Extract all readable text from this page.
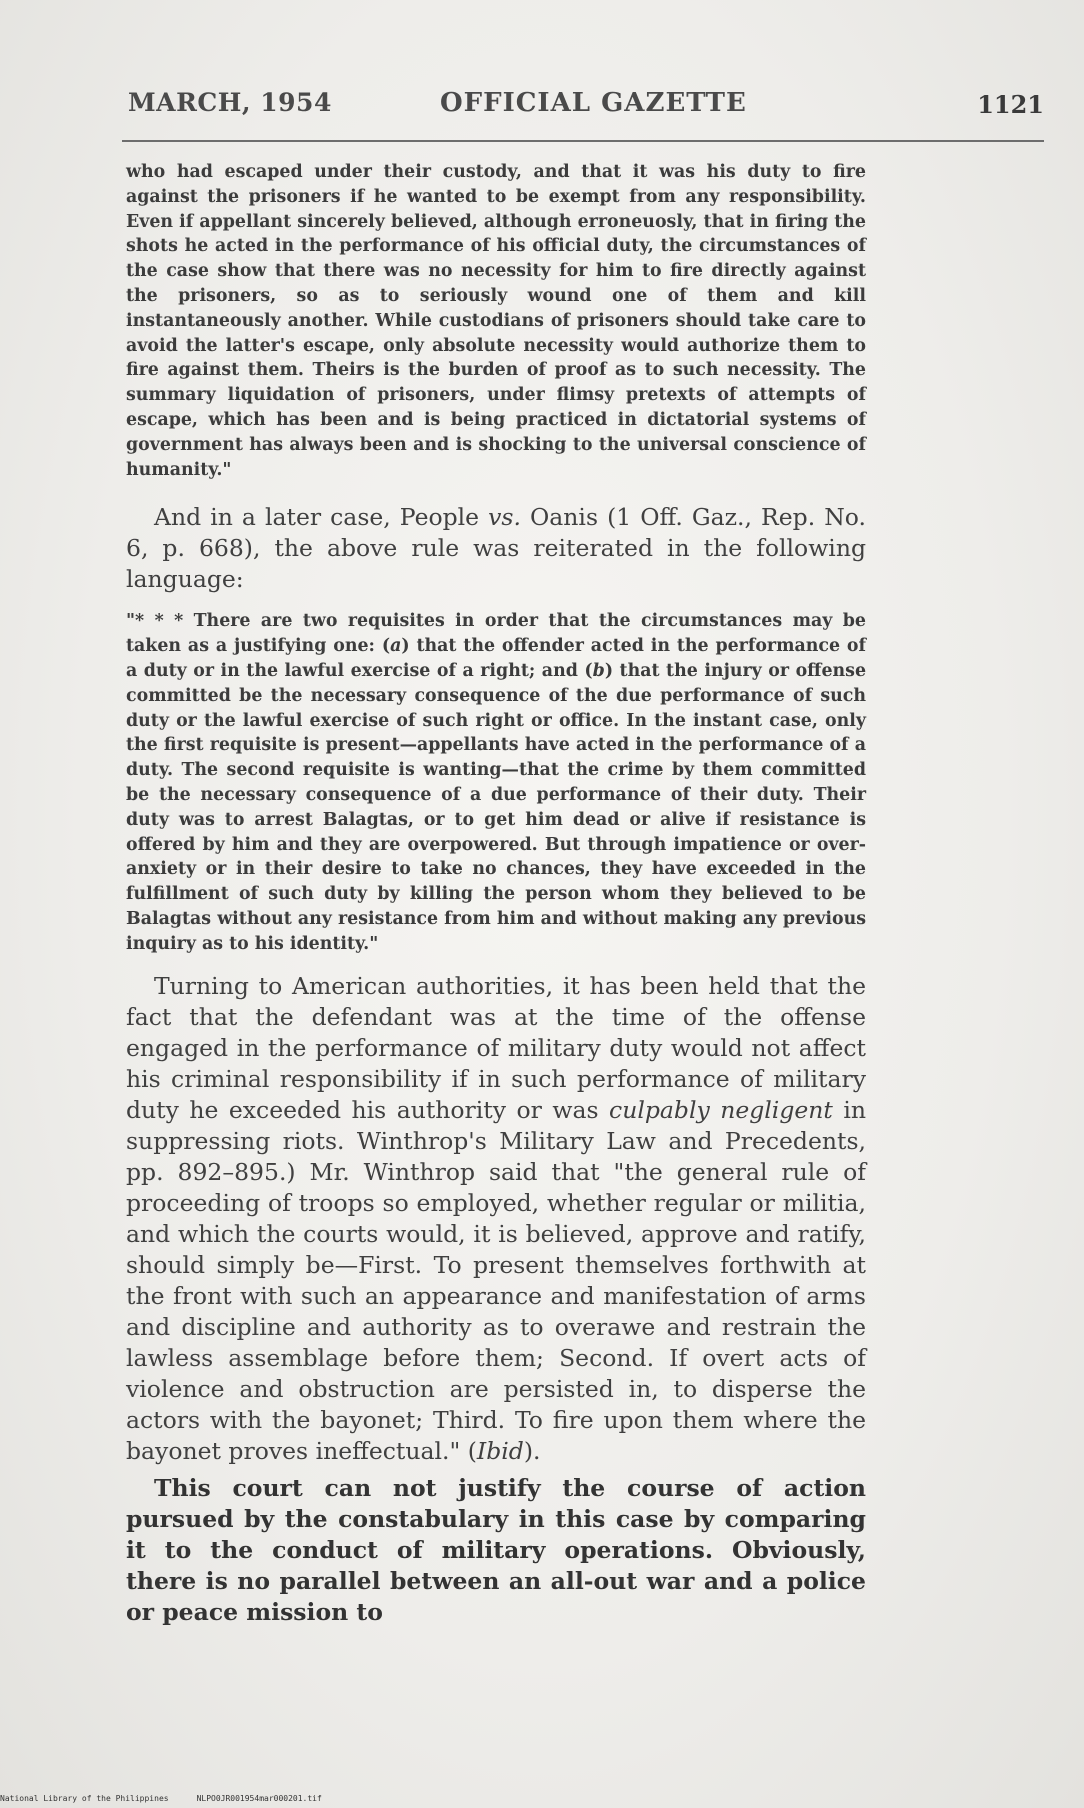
MARCH, 1954	OFFICIAL GAZETTE	1121

who had escaped under their custody, and that it was his duty to fire against the prisoners if he wanted to be exempt from any responsibility. Even if appellant sincerely believed, although erroneuosly, that in firing the shots he acted in the performance of his official duty, the circumstances of the case show that there was no necessity for him to fire directly against the prisoners, so as to seriously wound one of them and kill instantaneously another. While custodians of prisoners should take care to avoid the latter's escape, only absolute necessity would authorize them to fire against them. Theirs is the burden of proof as to such necessity. The summary liquidation of prisoners, under flimsy pretexts of attempts of escape, which has been and is being practiced in dictatorial systems of government has always been and is shocking to the universal conscience of humanity."

And in a later case, People vs. Oanis (1 Off. Gaz., Rep. No. 6, p. 668), the above rule was reiterated in the following language:

"* * * There are two requisites in order that the circumstances may be taken as a justifying one: (a) that the offender acted in the performance of a duty or in the lawful exercise of a right; and (b) that the injury or offense committed be the necessary consequence of the due performance of such duty or the lawful exercise of such right or office. In the instant case, only the first requisite is present—appellants have acted in the performance of a duty. The second requisite is wanting—that the crime by them committed be the necessary consequence of a due performance of their duty. Their duty was to arrest Balagtas, or to get him dead or alive if resistance is offered by him and they are overpowered. But through impatience or over-anxiety or in their desire to take no chances, they have exceeded in the fulfillment of such duty by killing the person whom they believed to be Balagtas without any resistance from him and without making any previous inquiry as to his identity."

Turning to American authorities, it has been held that the fact that the defendant was at the time of the offense engaged in the performance of military duty would not affect his criminal responsibility if in such performance of military duty he exceeded his authority or was culpably negligent in suppressing riots. Winthrop's Military Law and Precedents, pp. 892–895.) Mr. Winthrop said that "the general rule of proceeding of troops so employed, whether regular or militia, and which the courts would, it is believed, approve and ratify, should simply be—First. To present themselves forthwith at the front with such an appearance and manifestation of arms and discipline and authority as to overawe and restrain the lawless assemblage before them; Second. If overt acts of violence and obstruction are persisted in, to disperse the actors with the bayonet; Third. To fire upon them where the bayonet proves ineffectual." (Ibid).

This court can not justify the course of action pursued by the constabulary in this case by comparing it to the conduct of military operations. Obviously, there is no parallel between an all-out war and a police or peace mission to

National Library of the Philippines	NLPO0JR001954mar000201.tif
